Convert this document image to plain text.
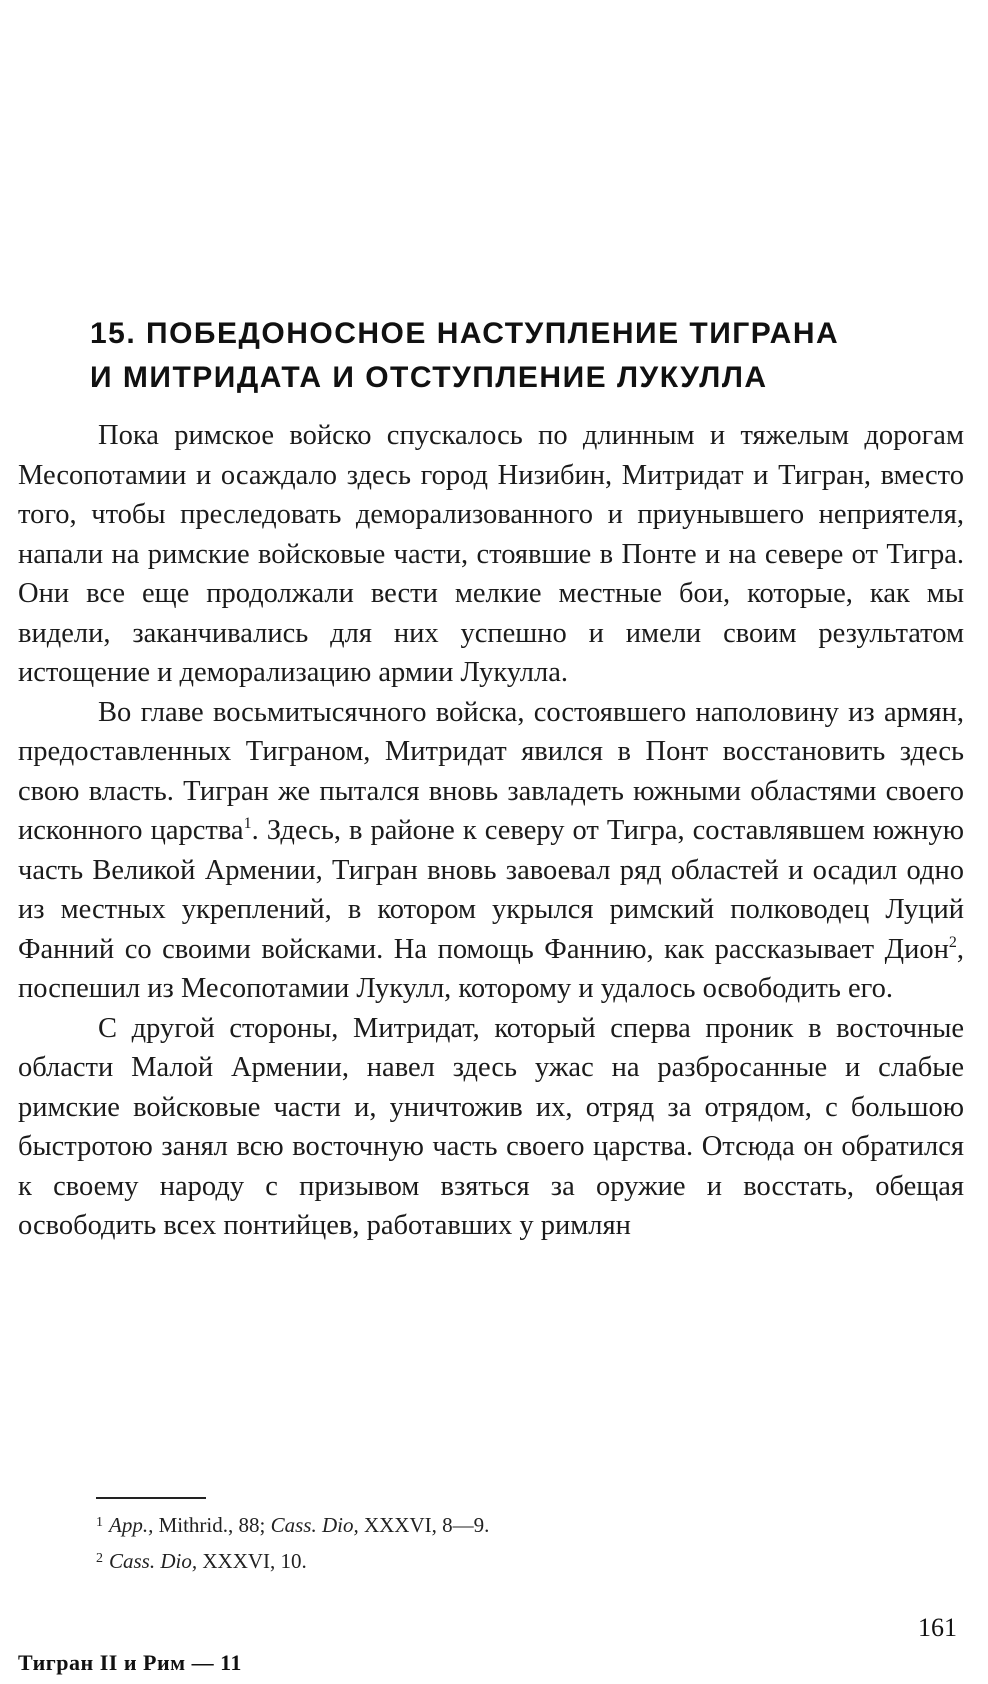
15. ПОБЕДОНОСНОЕ НАСТУПЛЕНИЕ ТИГРАНА
И МИТРИДАТА И ОТСТУПЛЕНИЕ ЛУКУЛЛА

Пока римское войско спускалось по длинным и тяжелым дорогам Месопотамии и осаждало здесь город Низибин, Митридат и Тигран, вместо того, чтобы преследовать деморализованного и приунывшего неприятеля, напали на римские войсковые части, стоявшие в Понте и на севере от Тигра. Они все еще продолжали вести мелкие местные бои, которые, как мы видели, заканчивались для них успешно и имели своим результатом истощение и деморализацию армии Лукулла.

Во главе восьмитысячного войска, состоявшего наполовину из армян, предоставленных Тиграном, Митридат явился в Понт восстановить здесь свою власть. Тигран же пытался вновь завладеть южными областями своего исконного царства$^1$. Здесь, в районе к северу от Тигра, составлявшем южную часть Великой Армении, Тигран вновь завоевал ряд областей и осадил одно из местных укреплений, в котором укрылся римский полководец Луций Фанний со своими войсками. На помощь Фаннию, как рассказывает Дион$^2$, поспешил из Месопотамии Лукулл, которому и удалось освободить его.

С другой стороны, Митридат, который сперва проник в восточные области Малой Армении, навел здесь ужас на разбросанные и слабые римские войсковые части и, уничтожив их, отряд за отрядом, с большою быстротою занял всю восточную часть своего царства. Отсюда он обратился к своему народу с призывом взяться за оружие и восстать, обещая освободить всех понтийцев, работавших у римлян

$^1$ App., Mithrid., 88; Cass. Dio, XXXVI, 8—9.
$^2$ Cass. Dio, XXXVI, 10.
161
Тигран II и Рим — 11
